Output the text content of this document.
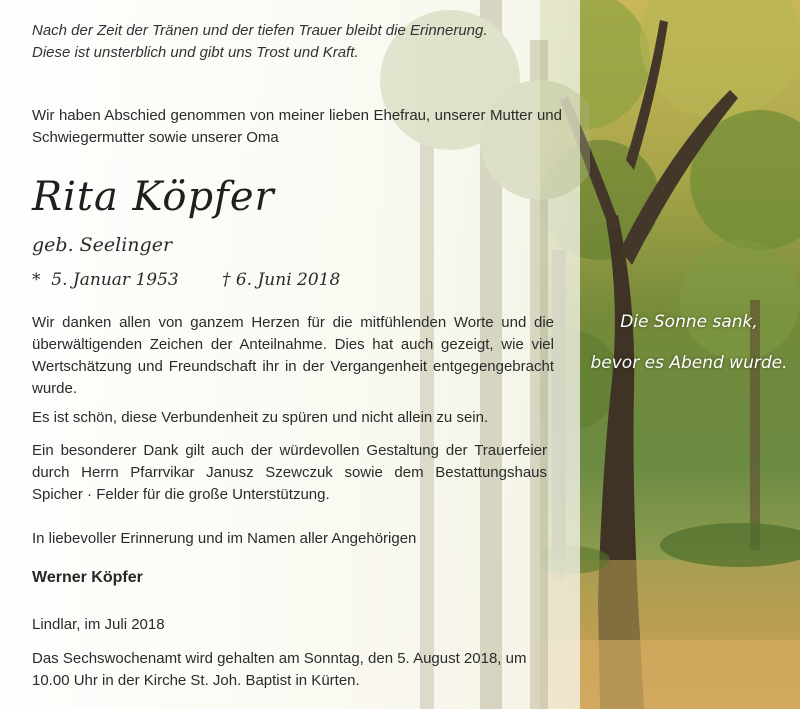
Nach der Zeit der Tränen und der tiefen Trauer bleibt die Erinnerung.
Diese ist unsterblich und gibt uns Trost und Kraft.

Wir haben Abschied genommen von meiner lieben Ehefrau, unserer Mutter und Schwiegermutter sowie unserer Oma

Rita Köpfer
geb. Seelinger
*  5. Januar 1953	† 6. Juni 2018

Wir danken allen von ganzem Herzen für die mitfühlenden Worte und die überwältigenden Zeichen der Anteilnahme. Dies hat auch gezeigt, wie viel Wertschätzung und Freundschaft ihr in der Vergangenheit entgegengebracht wurde.

Es ist schön, diese Verbundenheit zu spüren und nicht allein zu sein.

Ein besonderer Dank gilt auch der würdevollen Gestaltung der Trauerfeier durch Herrn Pfarrvikar Janusz Szewczuk sowie dem Bestattungshaus Spicher · Felder für die große Unterstützung.

In liebevoller Erinnerung und im Namen aller Angehörigen

Werner Köpfer

Lindlar, im Juli 2018

Das Sechswochenamt wird gehalten am Sonntag, den 5. August 2018, um 10.00 Uhr in der Kirche St. Joh. Baptist in Kürten.

Die Sonne sank,
bevor es Abend wurde.
